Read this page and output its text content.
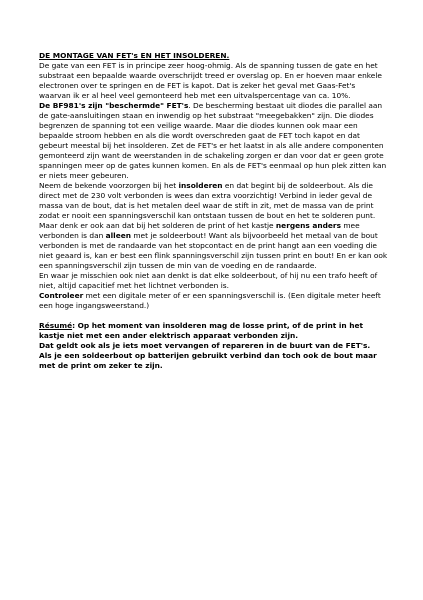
DE MONTAGE VAN FET's EN HET INSOLDEREN.

De gate van een FET is in principe zeer hoog-ohmig. Als de spanning tussen de gate en het substraat een bepaalde waarde overschrijdt treed er overslag op. En er hoeven maar enkele electronen over te springen en de FET is kapot. Dat is zeker het geval met Gaas-Fet's waarvan ik er al heel veel gemonteerd heb met een uitvalspercentage van ca. 10%.

De BF981's zijn "beschermde" FET's. De bescherming bestaat uit diodes die parallel aan de gate-aansluitingen staan en inwendig op het substraat "meegebakken" zijn. Die diodes begrenzen de spanning tot een veilige waarde. Maar die diodes kunnen ook maar een bepaalde stroom hebben en als die wordt overschreden gaat de FET toch kapot en dat gebeurt meestal bij het insolderen. Zet de FET's er het laatst in als alle andere componenten gemonteerd zijn want de weerstanden in de schakeling zorgen er dan voor dat er geen grote spanningen meer op de gates kunnen komen. En als de FET's eenmaal op hun plek zitten kan er niets meer gebeuren.

Neem de bekende voorzorgen bij het insolderen en dat begint bij de soldeerbout. Als die direct met de 230 volt verbonden is wees dan extra voorzichtig! Verbind in ieder geval de massa van de bout, dat is het metalen deel waar de stift in zit, met de massa van de print zodat er nooit een spanningsverschil kan ontstaan tussen de bout en het te solderen punt.

Maar denk er ook aan dat bij het solderen de print of het kastje nergens anders mee verbonden is dan alleen met je soldeerbout! Want als bijvoorbeeld het metaal van de bout verbonden is met de randaarde van het stopcontact en de print hangt aan een voeding die niet geaard is, kan er best een flink spanningsverschil zijn tussen print en bout! En er kan ook een spanningsverschil zijn tussen de min van de voeding en de randaarde.

En waar je misschien ook niet aan denkt is dat elke soldeerbout, of hij nu een trafo heeft of niet, altijd capacitief met het lichtnet verbonden is.

Controleer met een digitale meter of er een spanningsverschil is. (Een digitale meter heeft een hoge ingangsweerstand.)

Résumé: Op het moment van insolderen mag de losse print, of de print in het kastje niet met een ander elektrisch apparaat verbonden zijn.

Dat geldt ook als je iets moet vervangen of repareren in de buurt van de FET's.

Als je een soldeerbout op batterijen gebruikt verbind dan toch ook de bout maar met de print om zeker te zijn.
